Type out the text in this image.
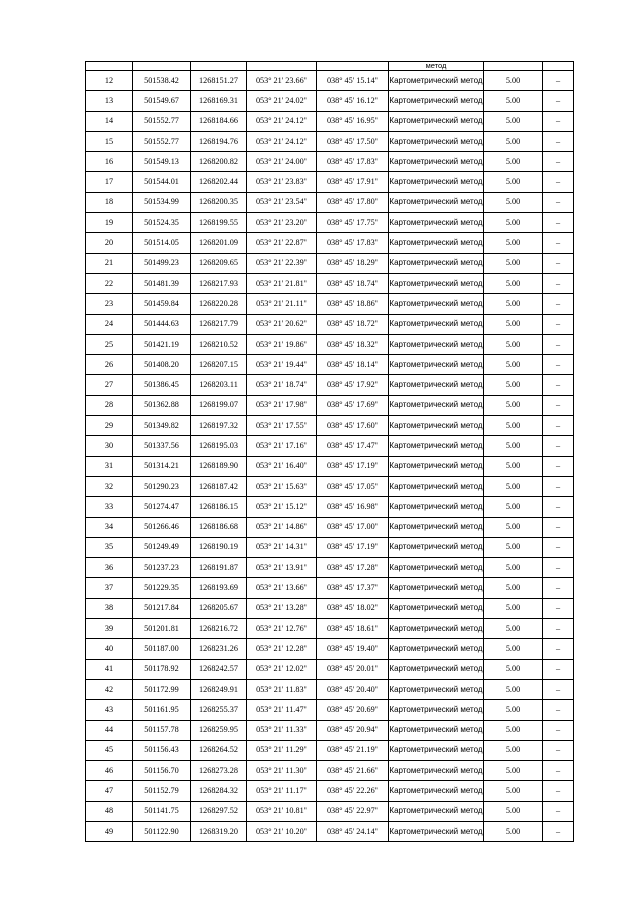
					метод		
12	501538.42	1268151.27	053° 21' 23.66"	038° 45' 15.14"	Картометрический метод	5.00	–
13	501549.67	1268169.31	053° 21' 24.02"	038° 45' 16.12"	Картометрический метод	5.00	–
14	501552.77	1268184.66	053° 21' 24.12"	038° 45' 16.95"	Картометрический метод	5.00	–
15	501552.77	1268194.76	053° 21' 24.12"	038° 45' 17.50"	Картометрический метод	5.00	–
16	501549.13	1268200.82	053° 21' 24.00"	038° 45' 17.83"	Картометрический метод	5.00	–
17	501544.01	1268202.44	053° 21' 23.83"	038° 45' 17.91"	Картометрический метод	5.00	–
18	501534.99	1268200.35	053° 21' 23.54"	038° 45' 17.80"	Картометрический метод	5.00	–
19	501524.35	1268199.55	053° 21' 23.20"	038° 45' 17.75"	Картометрический метод	5.00	–
20	501514.05	1268201.09	053° 21' 22.87"	038° 45' 17.83"	Картометрический метод	5.00	–
21	501499.23	1268209.65	053° 21' 22.39"	038° 45' 18.29"	Картометрический метод	5.00	–
22	501481.39	1268217.93	053° 21' 21.81"	038° 45' 18.74"	Картометрический метод	5.00	–
23	501459.84	1268220.28	053° 21' 21.11"	038° 45' 18.86"	Картометрический метод	5.00	–
24	501444.63	1268217.79	053° 21' 20.62"	038° 45' 18.72"	Картометрический метод	5.00	–
25	501421.19	1268210.52	053° 21' 19.86"	038° 45' 18.32"	Картометрический метод	5.00	–
26	501408.20	1268207.15	053° 21' 19.44"	038° 45' 18.14"	Картометрический метод	5.00	–
27	501386.45	1268203.11	053° 21' 18.74"	038° 45' 17.92"	Картометрический метод	5.00	–
28	501362.88	1268199.07	053° 21' 17.98"	038° 45' 17.69"	Картометрический метод	5.00	–
29	501349.82	1268197.32	053° 21' 17.55"	038° 45' 17.60"	Картометрический метод	5.00	–
30	501337.56	1268195.03	053° 21' 17.16"	038° 45' 17.47"	Картометрический метод	5.00	–
31	501314.21	1268189.90	053° 21' 16.40"	038° 45' 17.19"	Картометрический метод	5.00	–
32	501290.23	1268187.42	053° 21' 15.63"	038° 45' 17.05"	Картометрический метод	5.00	–
33	501274.47	1268186.15	053° 21' 15.12"	038° 45' 16.98"	Картометрический метод	5.00	–
34	501266.46	1268186.68	053° 21' 14.86"	038° 45' 17.00"	Картометрический метод	5.00	–
35	501249.49	1268190.19	053° 21' 14.31"	038° 45' 17.19"	Картометрический метод	5.00	–
36	501237.23	1268191.87	053° 21' 13.91"	038° 45' 17.28"	Картометрический метод	5.00	–
37	501229.35	1268193.69	053° 21' 13.66"	038° 45' 17.37"	Картометрический метод	5.00	–
38	501217.84	1268205.67	053° 21' 13.28"	038° 45' 18.02"	Картометрический метод	5.00	–
39	501201.81	1268216.72	053° 21' 12.76"	038° 45' 18.61"	Картометрический метод	5.00	–
40	501187.00	1268231.26	053° 21' 12.28"	038° 45' 19.40"	Картометрический метод	5.00	–
41	501178.92	1268242.57	053° 21' 12.02"	038° 45' 20.01"	Картометрический метод	5.00	–
42	501172.99	1268249.91	053° 21' 11.83"	038° 45' 20.40"	Картометрический метод	5.00	–
43	501161.95	1268255.37	053° 21' 11.47"	038° 45' 20.69"	Картометрический метод	5.00	–
44	501157.78	1268259.95	053° 21' 11.33"	038° 45' 20.94"	Картометрический метод	5.00	–
45	501156.43	1268264.52	053° 21' 11.29"	038° 45' 21.19"	Картометрический метод	5.00	–
46	501156.70	1268273.28	053° 21' 11.30"	038° 45' 21.66"	Картометрический метод	5.00	–
47	501152.79	1268284.32	053° 21' 11.17"	038° 45' 22.26"	Картометрический метод	5.00	–
48	501141.75	1268297.52	053° 21' 10.81"	038° 45' 22.97"	Картометрический метод	5.00	–
49	501122.90	1268319.20	053° 21' 10.20"	038° 45' 24.14"	Картометрический метод	5.00	–
